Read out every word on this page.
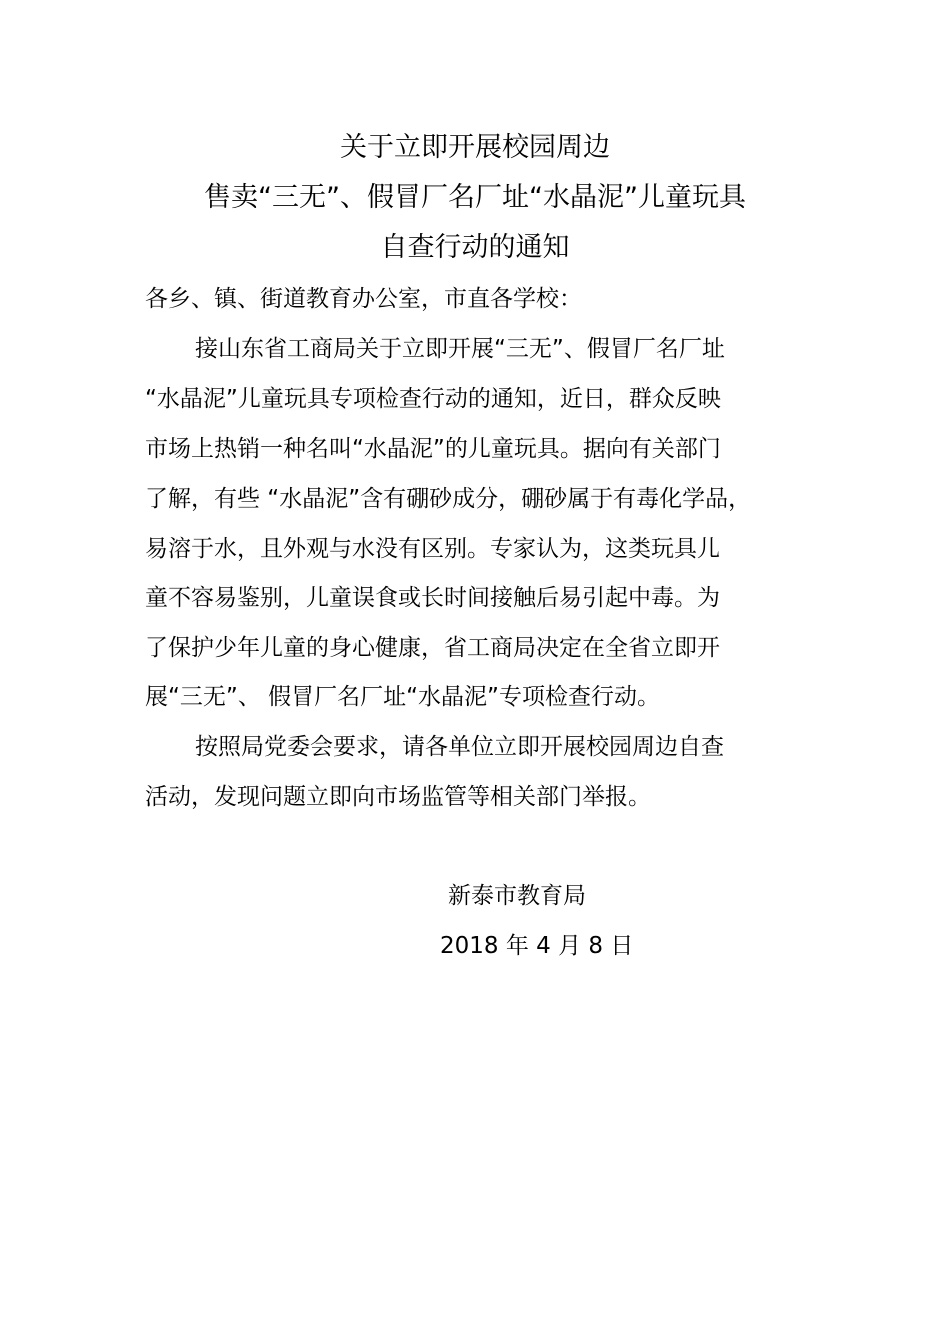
关于立即开展校园周边
售卖“三无”、假冒厂名厂址“水晶泥”儿童玩具
自查行动的通知
各乡、镇、街道教育办公室，市直各学校：
接山东省工商局关于立即开展“三无”、假冒厂名厂址
“水晶泥”儿童玩具专项检查行动的通知，近日，群众反映
市场上热销一种名叫“水晶泥”的儿童玩具。据向有关部门
了解，有些 “水晶泥”含有硼砂成分，硼砂属于有毒化学品，
易溶于水，且外观与水没有区别。专家认为，这类玩具儿
童不容易鉴别，儿童误食或长时间接触后易引起中毒。为
了保护少年儿童的身心健康，省工商局决定在全省立即开
展“三无”、 假冒厂名厂址“水晶泥”专项检查行动。
按照局党委会要求，请各单位立即开展校园周边自查
活动，发现问题立即向市场监管等相关部门举报。
新泰市教育局
2018 年 4 月 8 日
